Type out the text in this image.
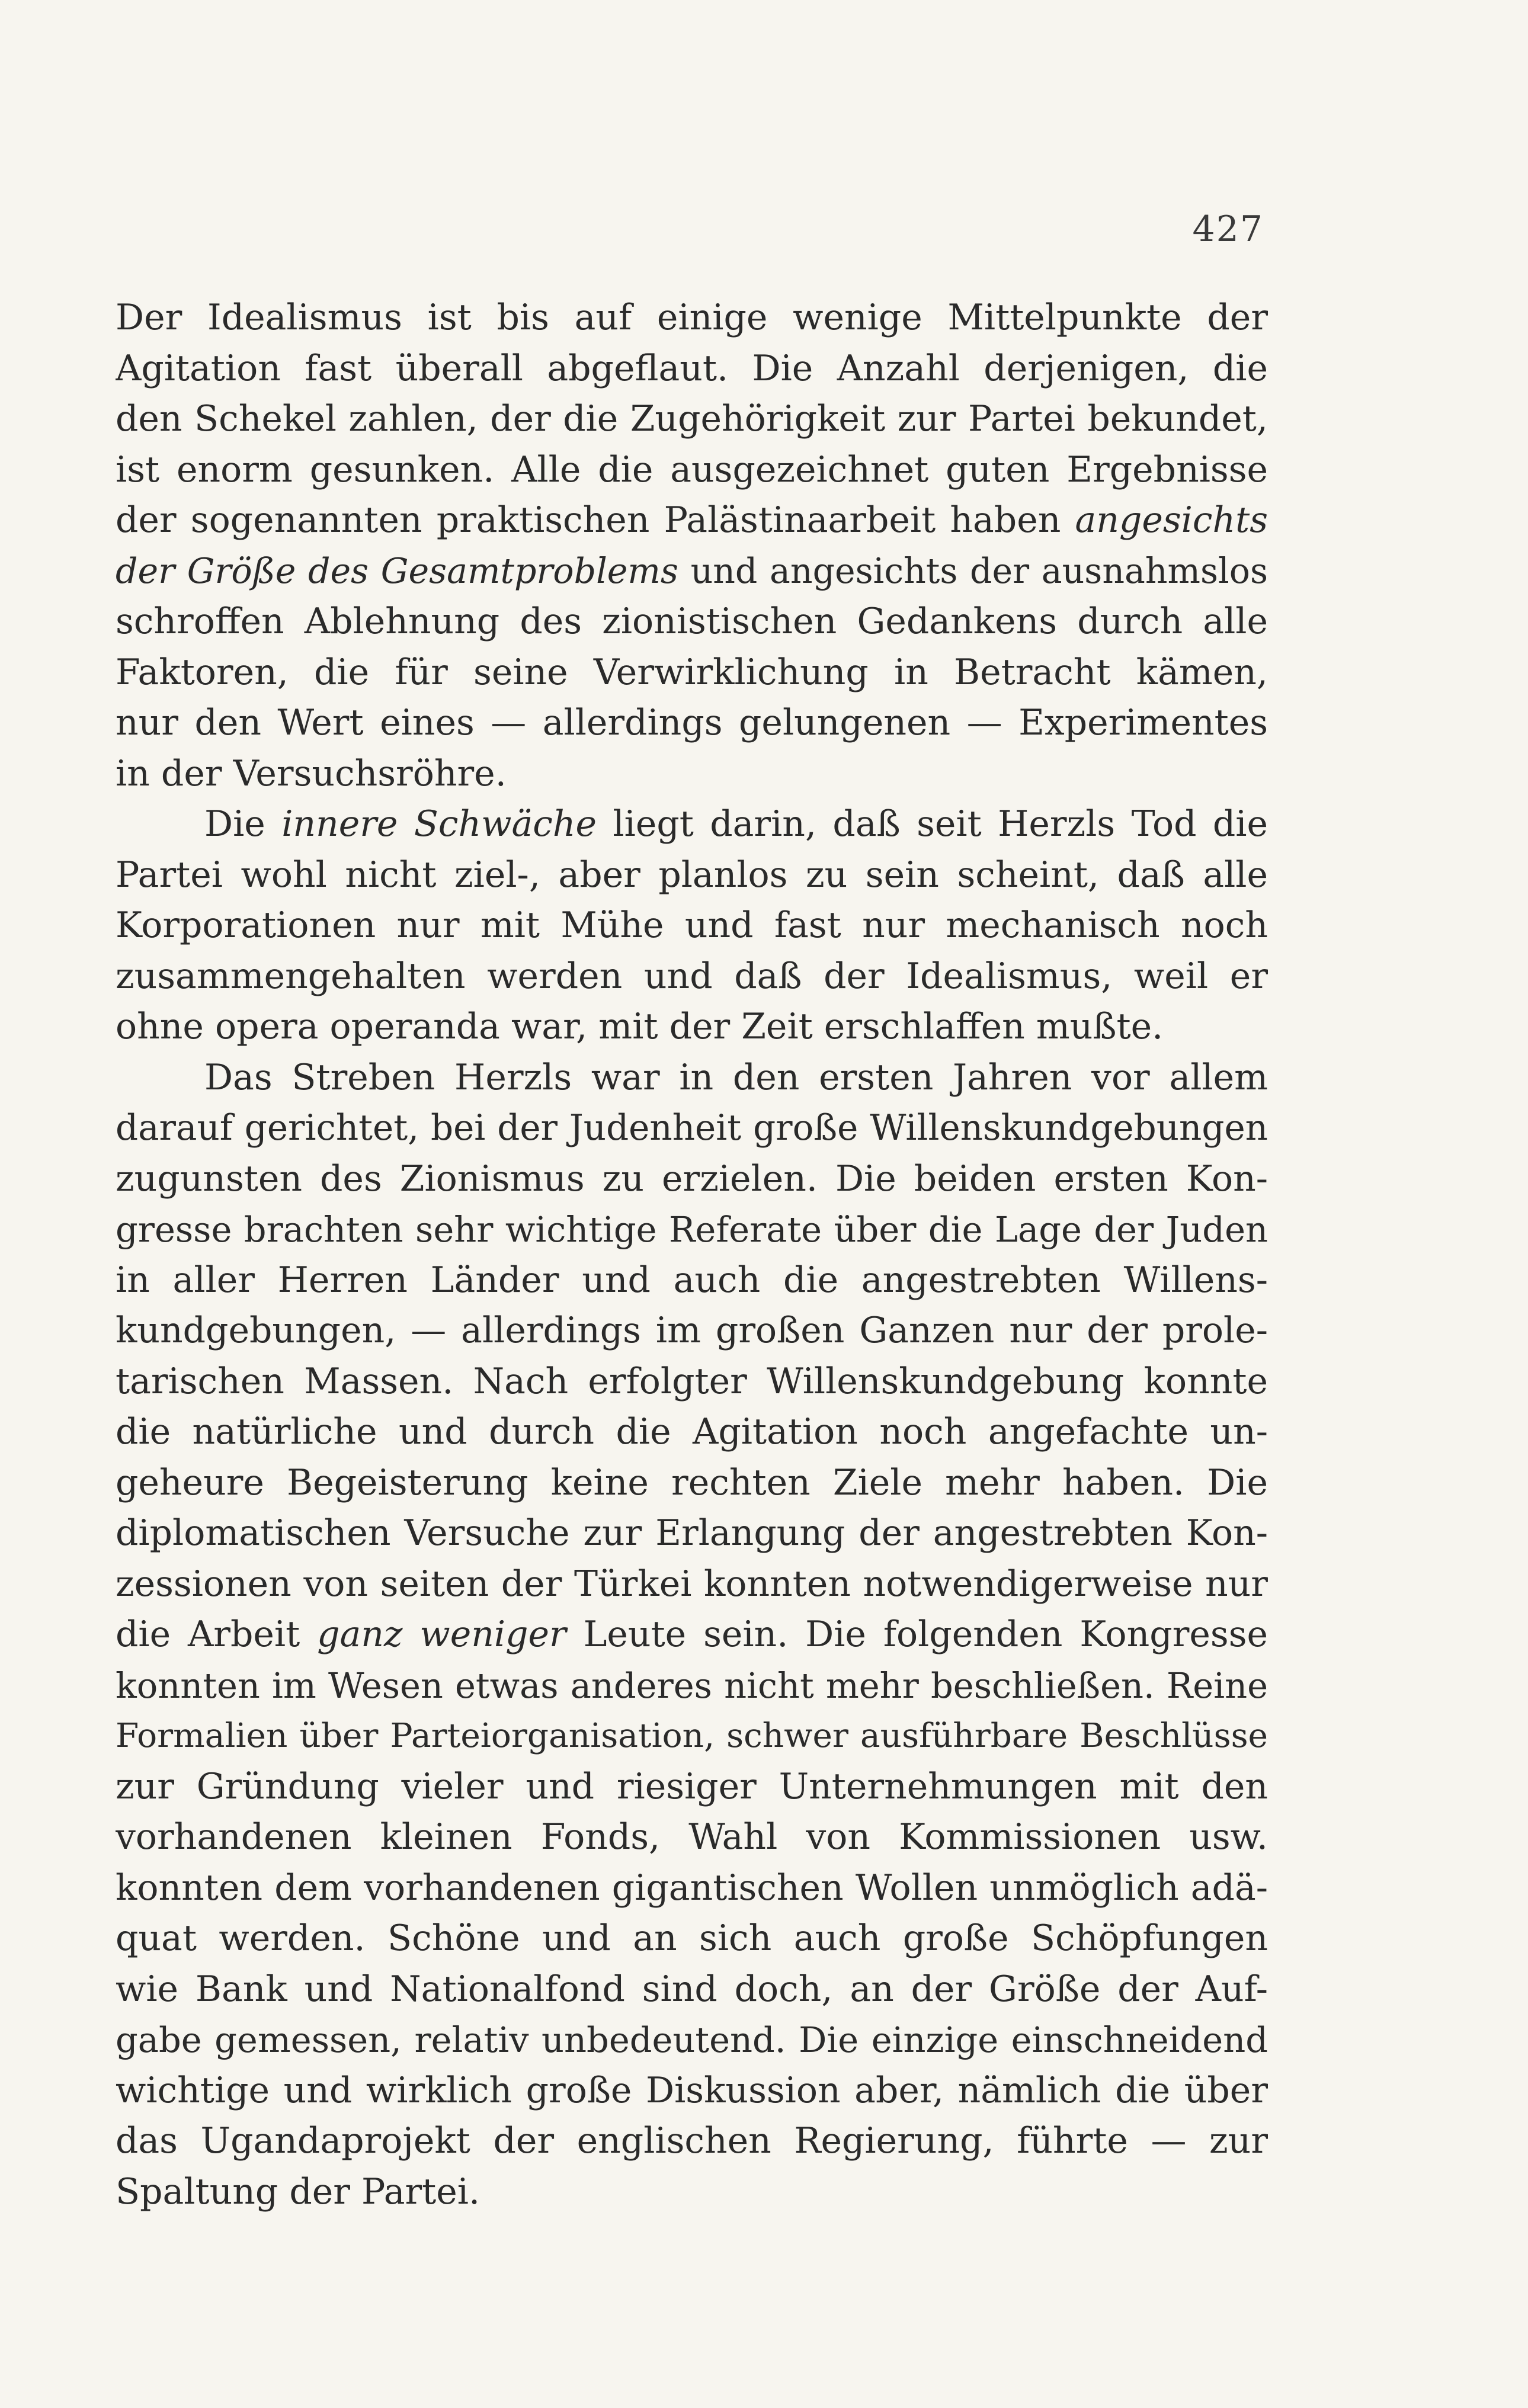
427
Der Idealismus ist bis auf einige wenige Mittelpunkte der
Agitation fast überall abgeflaut. Die Anzahl derjenigen, die
den Schekel zahlen, der die Zugehörigkeit zur Partei bekundet,
ist enorm gesunken. Alle die ausgezeichnet guten Ergebnisse
der sogenannten praktischen Palästinaarbeit haben angesichts
der Größe des Gesamtproblems und angesichts der ausnahmslos
schroffen Ablehnung des zionistischen Gedankens durch alle
Faktoren, die für seine Verwirklichung in Betracht kämen,
nur den Wert eines — allerdings gelungenen — Experimentes
in der Versuchsröhre.
Die innere Schwäche liegt darin, daß seit Herzls Tod die
Partei wohl nicht ziel-, aber planlos zu sein scheint, daß alle
Korporationen nur mit Mühe und fast nur mechanisch noch
zusammengehalten werden und daß der Idealismus, weil er
ohne opera operanda war, mit der Zeit erschlaffen mußte.
Das Streben Herzls war in den ersten Jahren vor allem
darauf gerichtet, bei der Judenheit große Willenskundgebungen
zugunsten des Zionismus zu erzielen. Die beiden ersten Kon-
gresse brachten sehr wichtige Referate über die Lage der Juden
in aller Herren Länder und auch die angestrebten Willens-
kundgebungen, — allerdings im großen Ganzen nur der prole-
tarischen Massen. Nach erfolgter Willenskundgebung konnte
die natürliche und durch die Agitation noch angefachte un-
geheure Begeisterung keine rechten Ziele mehr haben. Die
diplomatischen Versuche zur Erlangung der angestrebten Kon-
zessionen von seiten der Türkei konnten notwendigerweise nur
die Arbeit ganz weniger Leute sein. Die folgenden Kongresse
konnten im Wesen etwas anderes nicht mehr beschließen. Reine
Formalien über Parteiorganisation, schwer ausführbare Beschlüsse
zur Gründung vieler und riesiger Unternehmungen mit den
vorhandenen kleinen Fonds, Wahl von Kommissionen usw.
konnten dem vorhandenen gigantischen Wollen unmöglich adä-
quat werden. Schöne und an sich auch große Schöpfungen
wie Bank und Nationalfond sind doch, an der Größe der Auf-
gabe gemessen, relativ unbedeutend. Die einzige einschneidend
wichtige und wirklich große Diskussion aber, nämlich die über
das Ugandaprojekt der englischen Regierung, führte — zur
Spaltung der Partei.
